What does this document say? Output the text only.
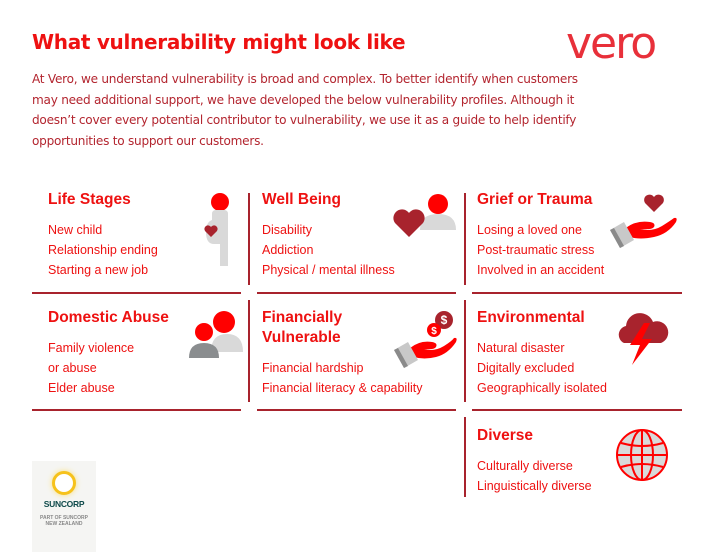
What vulnerability might look like	vero

At Vero, we understand vulnerability is broad and complex. To better identify when customers may need additional support, we have developed the below vulnerability profiles. Although it doesn’t cover every potential contributor to vulnerability, we use it as a guide to help identify opportunities to support our customers.

Life Stages
New child
Relationship ending
Starting a new job
Well Being
Disability
Addiction
Physical / mental illness
Grief or Trauma
Losing a loved one
Post-traumatic stress
Involved in an accident
Domestic Abuse
Family violence
or abuse
Elder abuse
Financially
Vulnerable
Financial hardship
Financial literacy & capability
$
$
Environmental
Natural disaster
Digitally excluded
Geographically isolated
Diverse
Culturally diverse
Linguistically diverse
SUNCORP
PART OF SUNCORP
NEW ZEALAND
